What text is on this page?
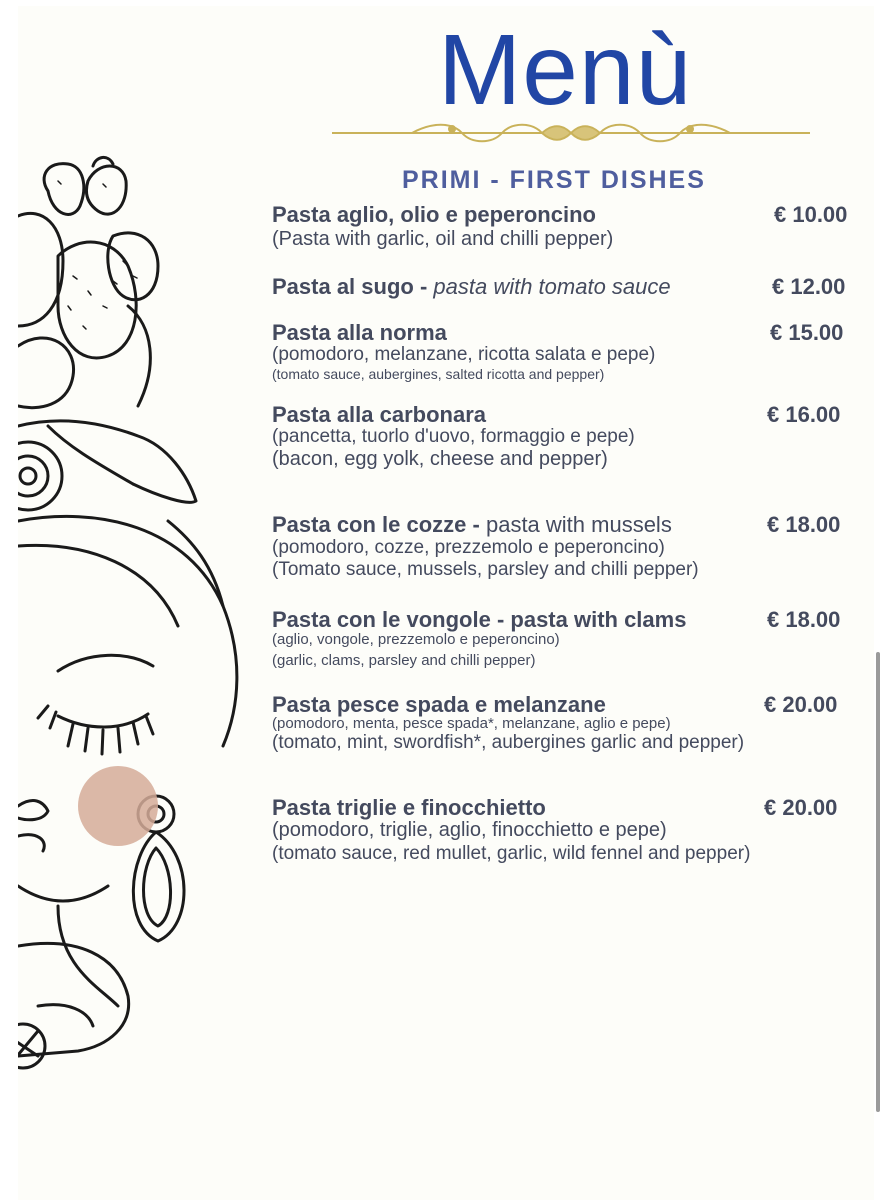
Menù
PRIMI - FIRST DISHES
Pasta aglio, olio e peperoncino	€ 10.00
(Pasta with garlic, oil and chilli pepper)
Pasta al sugo - pasta with tomato sauce	€ 12.00
Pasta alla norma	€ 15.00
(pomodoro, melanzane, ricotta salata e pepe)
(tomato sauce, aubergines, salted ricotta and pepper)
Pasta alla carbonara	€ 16.00
(pancetta, tuorlo d'uovo, formaggio e pepe)
(bacon, egg yolk, cheese and pepper)
Pasta con le cozze - pasta with mussels	€ 18.00
(pomodoro, cozze, prezzemolo e peperoncino)
(Tomato sauce, mussels, parsley and chilli pepper)
Pasta con le vongole - pasta with clams	€ 18.00
(aglio, vongole, prezzemolo e peperoncino)
(garlic, clams, parsley and chilli pepper)
Pasta pesce spada e melanzane	€ 20.00
(pomodoro, menta, pesce spada*, melanzane, aglio e pepe)
(tomato, mint, swordfish*, aubergines garlic and pepper)
Pasta triglie e finocchietto	€ 20.00
(pomodoro, triglie, aglio, finocchietto e pepe)
(tomato sauce, red mullet, garlic, wild fennel and pepper)
